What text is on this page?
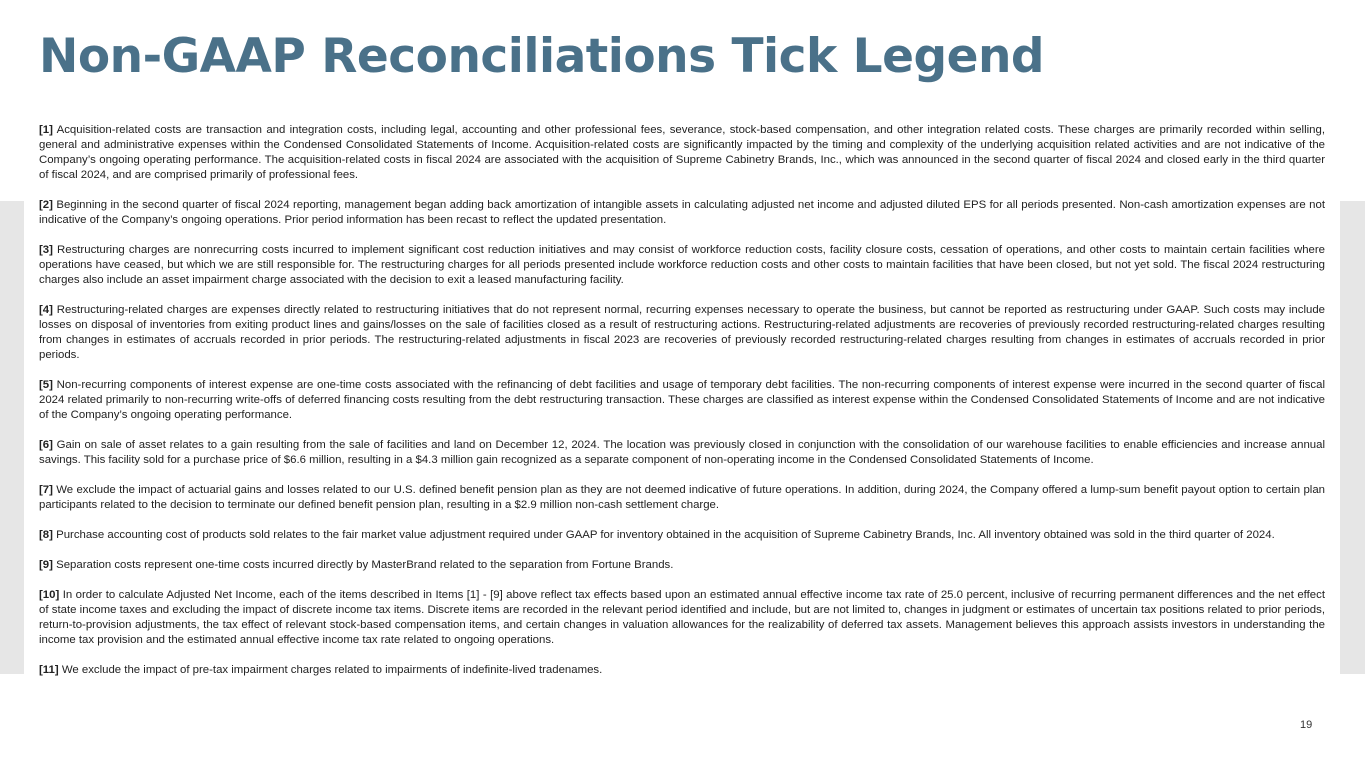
Non-GAAP Reconciliations Tick Legend

[1] Acquisition-related costs are transaction and integration costs, including legal, accounting and other professional fees, severance, stock-based compensation, and other integration related costs. These charges are primarily recorded within selling, general and administrative expenses within the Condensed Consolidated Statements of Income. Acquisition-related costs are significantly impacted by the timing and complexity of the underlying acquisition related activities and are not indicative of the Company’s ongoing operating performance. The acquisition-related costs in fiscal 2024 are associated with the acquisition of Supreme Cabinetry Brands, Inc., which was announced in the second quarter of fiscal 2024 and closed early in the third quarter of fiscal 2024, and are comprised primarily of professional fees.

[2] Beginning in the second quarter of fiscal 2024 reporting, management began adding back amortization of intangible assets in calculating adjusted net income and adjusted diluted EPS for all periods presented. Non-cash amortization expenses are not indicative of the Company’s ongoing operations. Prior period information has been recast to reflect the updated presentation.

[3] Restructuring charges are nonrecurring costs incurred to implement significant cost reduction initiatives and may consist of workforce reduction costs, facility closure costs, cessation of operations, and other costs to maintain certain facilities where operations have ceased, but which we are still responsible for. The restructuring charges for all periods presented include workforce reduction costs and other costs to maintain facilities that have been closed, but not yet sold. The fiscal 2024 restructuring charges also include an asset impairment charge associated with the decision to exit a leased manufacturing facility.

[4] Restructuring-related charges are expenses directly related to restructuring initiatives that do not represent normal, recurring expenses necessary to operate the business, but cannot be reported as restructuring under GAAP. Such costs may include losses on disposal of inventories from exiting product lines and gains/losses on the sale of facilities closed as a result of restructuring actions. Restructuring-related adjustments are recoveries of previously recorded restructuring-related charges resulting from changes in estimates of accruals recorded in prior periods. The restructuring-related adjustments in fiscal 2023 are recoveries of previously recorded restructuring-related charges resulting from changes in estimates of accruals recorded in prior periods.

[5] Non-recurring components of interest expense are one-time costs associated with the refinancing of debt facilities and usage of temporary debt facilities. The non-recurring components of interest expense were incurred in the second quarter of fiscal 2024 related primarily to non-recurring write-offs of deferred financing costs resulting from the debt restructuring transaction. These charges are classified as interest expense within the Condensed Consolidated Statements of Income and are not indicative of the Company’s ongoing operating performance.

[6] Gain on sale of asset relates to a gain resulting from the sale of facilities and land on December 12, 2024. The location was previously closed in conjunction with the consolidation of our warehouse facilities to enable efficiencies and increase annual savings. This facility sold for a purchase price of $6.6 million, resulting in a $4.3 million gain recognized as a separate component of non-operating income in the Condensed Consolidated Statements of Income.

[7] We exclude the impact of actuarial gains and losses related to our U.S. defined benefit pension plan as they are not deemed indicative of future operations. In addition, during 2024, the Company offered a lump-sum benefit payout option to certain plan participants related to the decision to terminate our defined benefit pension plan, resulting in a $2.9 million non-cash settlement charge.

[8] Purchase accounting cost of products sold relates to the fair market value adjustment required under GAAP for inventory obtained in the acquisition of Supreme Cabinetry Brands, Inc. All inventory obtained was sold in the third quarter of 2024.

[9] Separation costs represent one-time costs incurred directly by MasterBrand related to the separation from Fortune Brands.

[10] In order to calculate Adjusted Net Income, each of the items described in Items [1] - [9] above reflect tax effects based upon an estimated annual effective income tax rate of 25.0 percent, inclusive of recurring permanent differences and the net effect of state income taxes and excluding the impact of discrete income tax items. Discrete items are recorded in the relevant period identified and include, but are not limited to, changes in judgment or estimates of uncertain tax positions related to prior periods, return-to-provision adjustments, the tax effect of relevant stock-based compensation items, and certain changes in valuation allowances for the realizability of deferred tax assets. Management believes this approach assists investors in understanding the income tax provision and the estimated annual effective income tax rate related to ongoing operations.

[11] We exclude the impact of pre-tax impairment charges related to impairments of indefinite-lived tradenames.

19
